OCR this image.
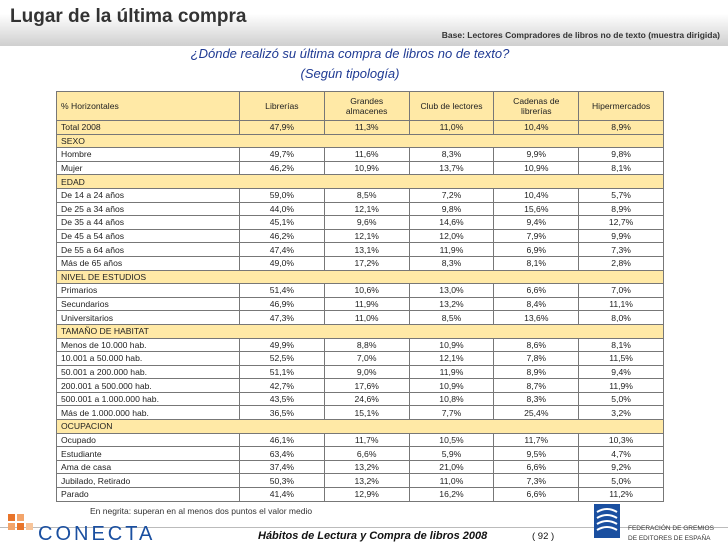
Lugar de la última compra
Base: Lectores Compradores de libros no de texto (muestra dirigida)
¿Dónde realizó su última compra de libros no de texto?
(Según tipología)
% Horizontales	Librerías	Grandes almacenes	Club de lectores	Cadenas de librerías	Hipermercados
Total 2008	47,9%	11,3%	11,0%	10,4%	8,9%
SEXO					
Hombre	49,7%	11,6%	8,3%	9,9%	9,8%
Mujer	46,2%	10,9%	13,7%	10,9%	8,1%
EDAD					
De 14 a 24 años	59,0%	8,5%	7,2%	10,4%	5,7%
De 25 a 34 años	44,0%	12,1%	9,8%	15,6%	8,9%
De 35 a 44 años	45,1%	9,6%	14,6%	9,4%	12,7%
De 45 a 54 años	46,2%	12,1%	12,0%	7,9%	9,9%
De 55 a 64 años	47,4%	13,1%	11,9%	6,9%	7,3%
Más de 65 años	49,0%	17,2%	8,3%	8,1%	2,8%
NIVEL DE ESTUDIOS					
Primarios	51,4%	10,6%	13,0%	6,6%	7,0%
Secundarios	46,9%	11,9%	13,2%	8,4%	11,1%
Universitarios	47,3%	11,0%	8,5%	13,6%	8,0%
TAMAÑO DE HABITAT					
Menos de 10.000 hab.	49,9%	8,8%	10,9%	8,6%	8,1%
10.001 a 50.000 hab.	52,5%	7,0%	12,1%	7,8%	11,5%
50.001 a 200.000 hab.	51,1%	9,0%	11,9%	8,9%	9,4%
200.001 a 500.000 hab.	42,7%	17,6%	10,9%	8,7%	11,9%
500.001 a 1.000.000 hab.	43,5%	24,6%	10,8%	8,3%	5,0%
Más de 1.000.000 hab.	36,5%	15,1%	7,7%	25,4%	3,2%
OCUPACION					
Ocupado	46,1%	11,7%	10,5%	11,7%	10,3%
Estudiante	63,4%	6,6%	5,9%	9,5%	4,7%
Ama de casa	37,4%	13,2%	21,0%	6,6%	9,2%
Jubilado, Retirado	50,3%	13,2%	11,0%	7,3%	5,0%
Parado	41,4%	12,9%	16,2%	6,6%	11,2%
En negrita: superan en al menos dos puntos el valor medio
CONECTA	Hábitos de Lectura y Compra de libros 2008	( 92 )
FEDERACIÓN DE GREMIOS
DE EDITORES DE ESPAÑA
